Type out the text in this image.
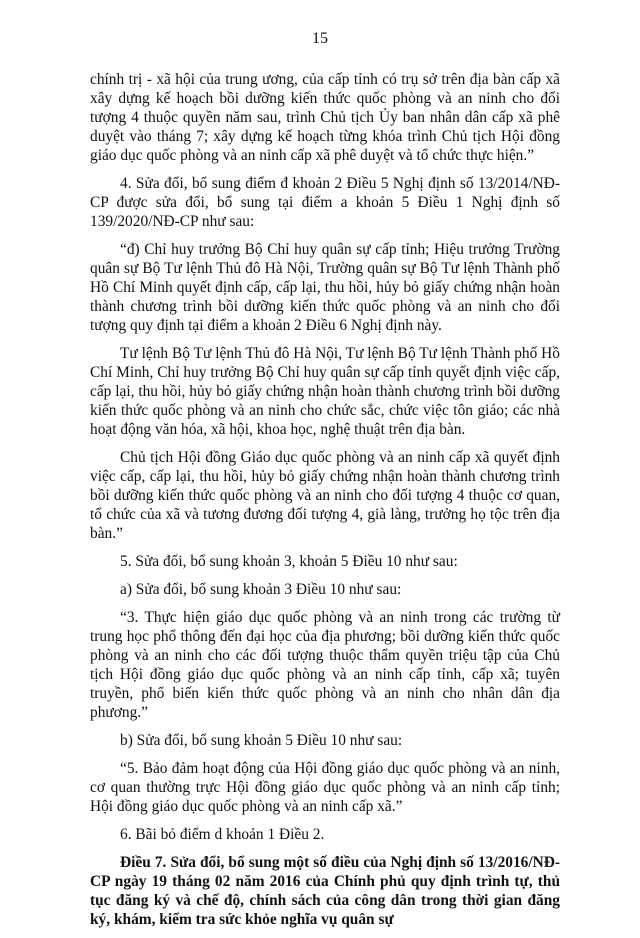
15

chính trị - xã hội của trung ương, của cấp tỉnh có trụ sở trên địa bàn cấp xã xây dựng kế hoạch bồi dưỡng kiến thức quốc phòng và an ninh cho đối tượng 4 thuộc quyền năm sau, trình Chủ tịch Ủy ban nhân dân cấp xã phê duyệt vào tháng 7; xây dựng kế hoạch từng khóa trình Chủ tịch Hội đồng giáo dục quốc phòng và an ninh cấp xã phê duyệt và tổ chức thực hiện.”

4. Sửa đổi, bổ sung điểm đ khoản 2 Điều 5 Nghị định số 13/2014/NĐ-CP được sửa đổi, bổ sung tại điểm a khoản 5 Điều 1 Nghị định số 139/2020/NĐ-CP như sau:

“đ) Chỉ huy trưởng Bộ Chỉ huy quân sự cấp tỉnh; Hiệu trưởng Trường quân sự Bộ Tư lệnh Thủ đô Hà Nội, Trường quân sự Bộ Tư lệnh Thành phố Hồ Chí Minh quyết định cấp, cấp lại, thu hồi, hủy bỏ giấy chứng nhận hoàn thành chương trình bồi dưỡng kiến thức quốc phòng và an ninh cho đối tượng quy định tại điểm a khoản 2 Điều 6 Nghị định này.

Tư lệnh Bộ Tư lệnh Thủ đô Hà Nội, Tư lệnh Bộ Tư lệnh Thành phố Hồ Chí Minh, Chỉ huy trưởng Bộ Chỉ huy quân sự cấp tỉnh quyết định việc cấp, cấp lại, thu hồi, hủy bỏ giấy chứng nhận hoàn thành chương trình bồi dưỡng kiến thức quốc phòng và an ninh cho chức sắc, chức việc tôn giáo; các nhà hoạt động văn hóa, xã hội, khoa học, nghệ thuật trên địa bàn.

Chủ tịch Hội đồng Giáo dục quốc phòng và an ninh cấp xã quyết định việc cấp, cấp lại, thu hồi, hủy bỏ giấy chứng nhận hoàn thành chương trình bồi dưỡng kiến thức quốc phòng và an ninh cho đối tượng 4 thuộc cơ quan, tổ chức của xã và tương đương đối tượng 4, già làng, trưởng họ tộc trên địa bàn.”

5. Sửa đổi, bổ sung khoản 3, khoản 5 Điều 10 như sau:

a) Sửa đổi, bổ sung khoản 3 Điều 10 như sau:

“3. Thực hiện giáo dục quốc phòng và an ninh trong các trường từ trung học phổ thông đến đại học của địa phương; bồi dưỡng kiến thức quốc phòng và an ninh cho các đối tượng thuộc thẩm quyền triệu tập của Chủ tịch Hội đồng giáo dục quốc phòng và an ninh cấp tỉnh, cấp xã; tuyên truyền, phổ biến kiến thức quốc phòng và an ninh cho nhân dân địa phương.”

b) Sửa đổi, bổ sung khoản 5 Điều 10 như sau:

“5. Bảo đảm hoạt động của Hội đồng giáo dục quốc phòng và an ninh, cơ quan thường trực Hội đồng giáo dục quốc phòng và an ninh cấp tỉnh; Hội đồng giáo dục quốc phòng và an ninh cấp xã.”

6. Bãi bỏ điểm d khoản 1 Điều 2.

Điều 7. Sửa đổi, bổ sung một số điều của Nghị định số 13/2016/NĐ-CP ngày 19 tháng 02 năm 2016 của Chính phủ quy định trình tự, thủ tục đăng ký và chế độ, chính sách của công dân trong thời gian đăng ký, khám, kiểm tra sức khỏe nghĩa vụ quân sự
